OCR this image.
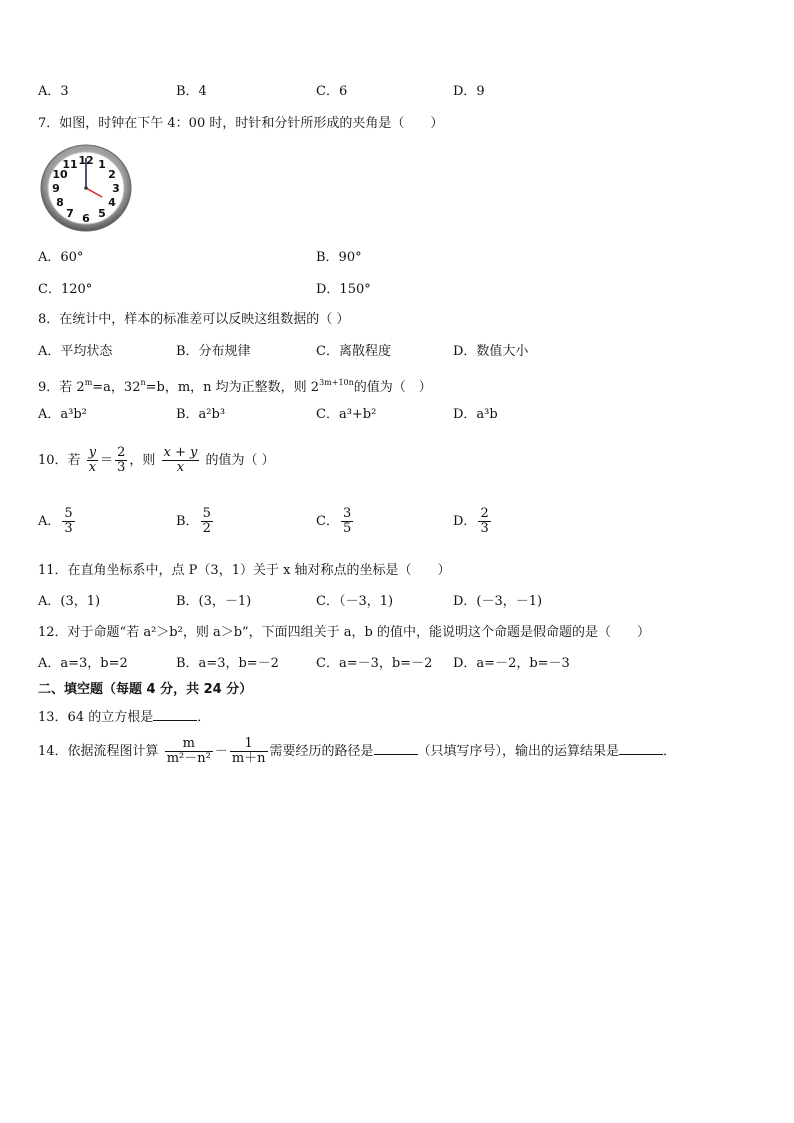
A．3	B．4	C．6	D．9
7．如图，时钟在下午 4：00 时，时针和分针所形成的夹角是（　　）
12 1
2
3
4
5
6
7
8
9
10
11
A．60°	B．90°
C．120°	D．150°
8．在统计中，样本的标准差可以反映这组数据的（ ）
A．平均状态	B．分布规律	C．离散程度	D．数值大小
9．若 $2^m=a$，$32^n=b$，m，n 均为正整数，则 $2^{3m+10n}$的值为（　）
A．a³b²	B．a²b³	C．a³+b²	D．a³b
10．若 $\frac{y}{x} = \frac{2}{3}$ ，则 $\frac{x + y}{x}$ 的值为（ ）
A． $\frac{5}{3}$	B． $\frac{5}{2}$	C． $\frac{3}{5}$	D． $\frac{2}{3}$
11．在直角坐标系中，点 P（3，1）关于 x 轴对称点的坐标是（　　）
A．(3，1)	B．(3，－1)	C．（－3，1)	D．(－3，－1)
12．对于命题“若 a²＞b²，则 a＞b”，下面四组关于 a，b 的值中，能说明这个命题是假命题的是（　　）
A．a=3，b=2	B．a=3，b=－2	C．a=－3，b=－2 D．a=－2，b=－3
二、填空题（每题 4 分，共 24 分）
13．64 的立方根是	．
14．依据流程图计算 $\frac{m}{\text{m²－n²}} - \frac{1}{m+n}$ 需要经历的路径是	（只填写序号），输出的运算结果是	．
